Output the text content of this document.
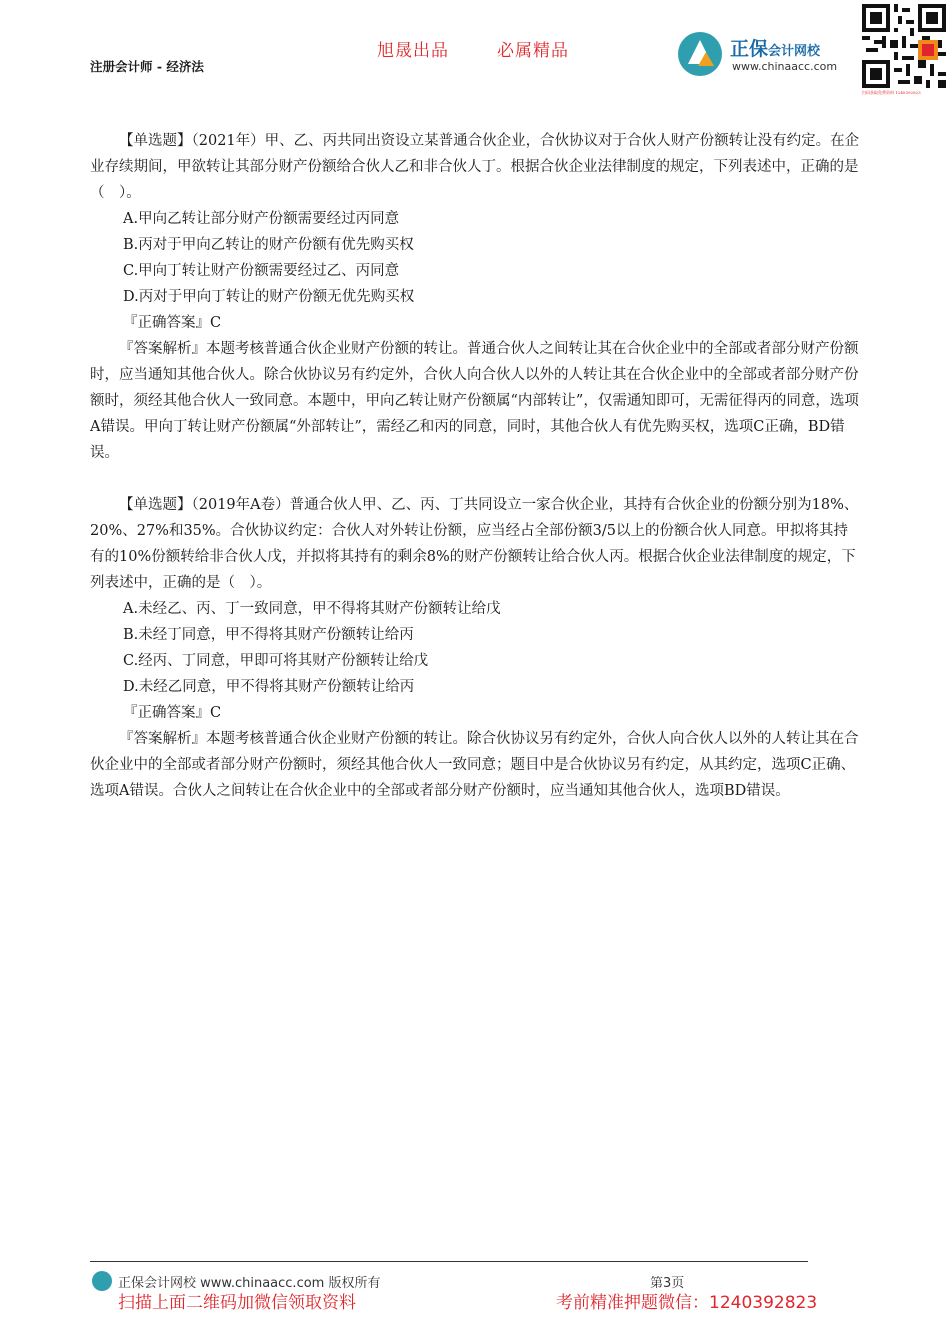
旭晟出品	必属精品
注册会计师 - 经济法
正保会计网校
www.chinaacc.com
扫码获取免费资料 1240392823

【单选题】（2021年）甲、乙、丙共同出资设立某普通合伙企业，合伙协议对于合伙人财产份额转让没有约定。在企业存续期间，甲欲转让其部分财产份额给合伙人乙和非合伙人丁。根据合伙企业法律制度的规定，下列表述中，正确的是（　）。

A.甲向乙转让部分财产份额需要经过丙同意

B.丙对于甲向乙转让的财产份额有优先购买权

C.甲向丁转让财产份额需要经过乙、丙同意

D.丙对于甲向丁转让的财产份额无优先购买权

『正确答案』C

『答案解析』本题考核普通合伙企业财产份额的转让。普通合伙人之间转让其在合伙企业中的全部或者部分财产份额时，应当通知其他合伙人。除合伙协议另有约定外，合伙人向合伙人以外的人转让其在合伙企业中的全部或者部分财产份额时，须经其他合伙人一致同意。本题中，甲向乙转让财产份额属“内部转让”，仅需通知即可，无需征得丙的同意，选项A错误。甲向丁转让财产份额属“外部转让”，需经乙和丙的同意，同时，其他合伙人有优先购买权，选项C正确，BD错误。

【单选题】（2019年A卷）普通合伙人甲、乙、丙、丁共同设立一家合伙企业，其持有合伙企业的份额分别为18%、20%、27%和35%。合伙协议约定：合伙人对外转让份额，应当经占全部份额3/5以上的份额合伙人同意。甲拟将其持有的10%份额转给非合伙人戊，并拟将其持有的剩余8%的财产份额转让给合伙人丙。根据合伙企业法律制度的规定，下列表述中，正确的是（　）。

A.未经乙、丙、丁一致同意，甲不得将其财产份额转让给戊

B.未经丁同意，甲不得将其财产份额转让给丙

C.经丙、丁同意，甲即可将其财产份额转让给戊

D.未经乙同意，甲不得将其财产份额转让给丙

『正确答案』C

『答案解析』本题考核普通合伙企业财产份额的转让。除合伙协议另有约定外，合伙人向合伙人以外的人转让其在合伙企业中的全部或者部分财产份额时，须经其他合伙人一致同意；题目中是合伙协议另有约定，从其约定，选项C正确、选项A错误。合伙人之间转让在合伙企业中的全部或者部分财产份额时，应当通知其他合伙人，选项BD错误。

正保会计网校 www.chinaacc.com 版权所有	第3页
扫描上面二维码加微信领取资料	考前精准押题微信：1240392823
